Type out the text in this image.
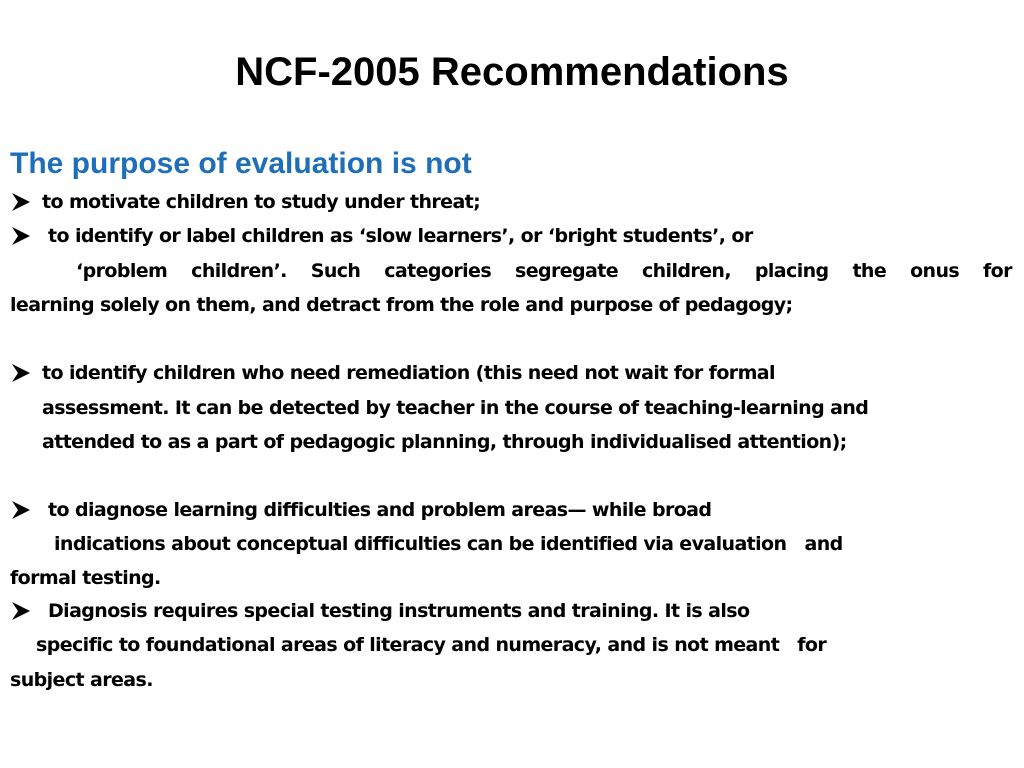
NCF-2005 Recommendations
The purpose of evaluation is not
to motivate children to study under threat;
to identify or label children as ‘slow learners’, or ‘bright students’, or
‘problem children’. Such categories segregate children, placing the onus for
learning solely on them, and detract from the role and purpose of pedagogy;
to identify children who need remediation (this need not wait for formal
assessment. It can be detected by teacher in the course of teaching-learning and
attended to as a part of pedagogic planning, through individualised attention);
to diagnose learning difficulties and problem areas— while broad
indications about conceptual difficulties can be identified via evaluation   and
formal testing.
Diagnosis requires special testing instruments and training. It is also
specific to foundational areas of literacy and numeracy, and is not meant   for
subject areas.
